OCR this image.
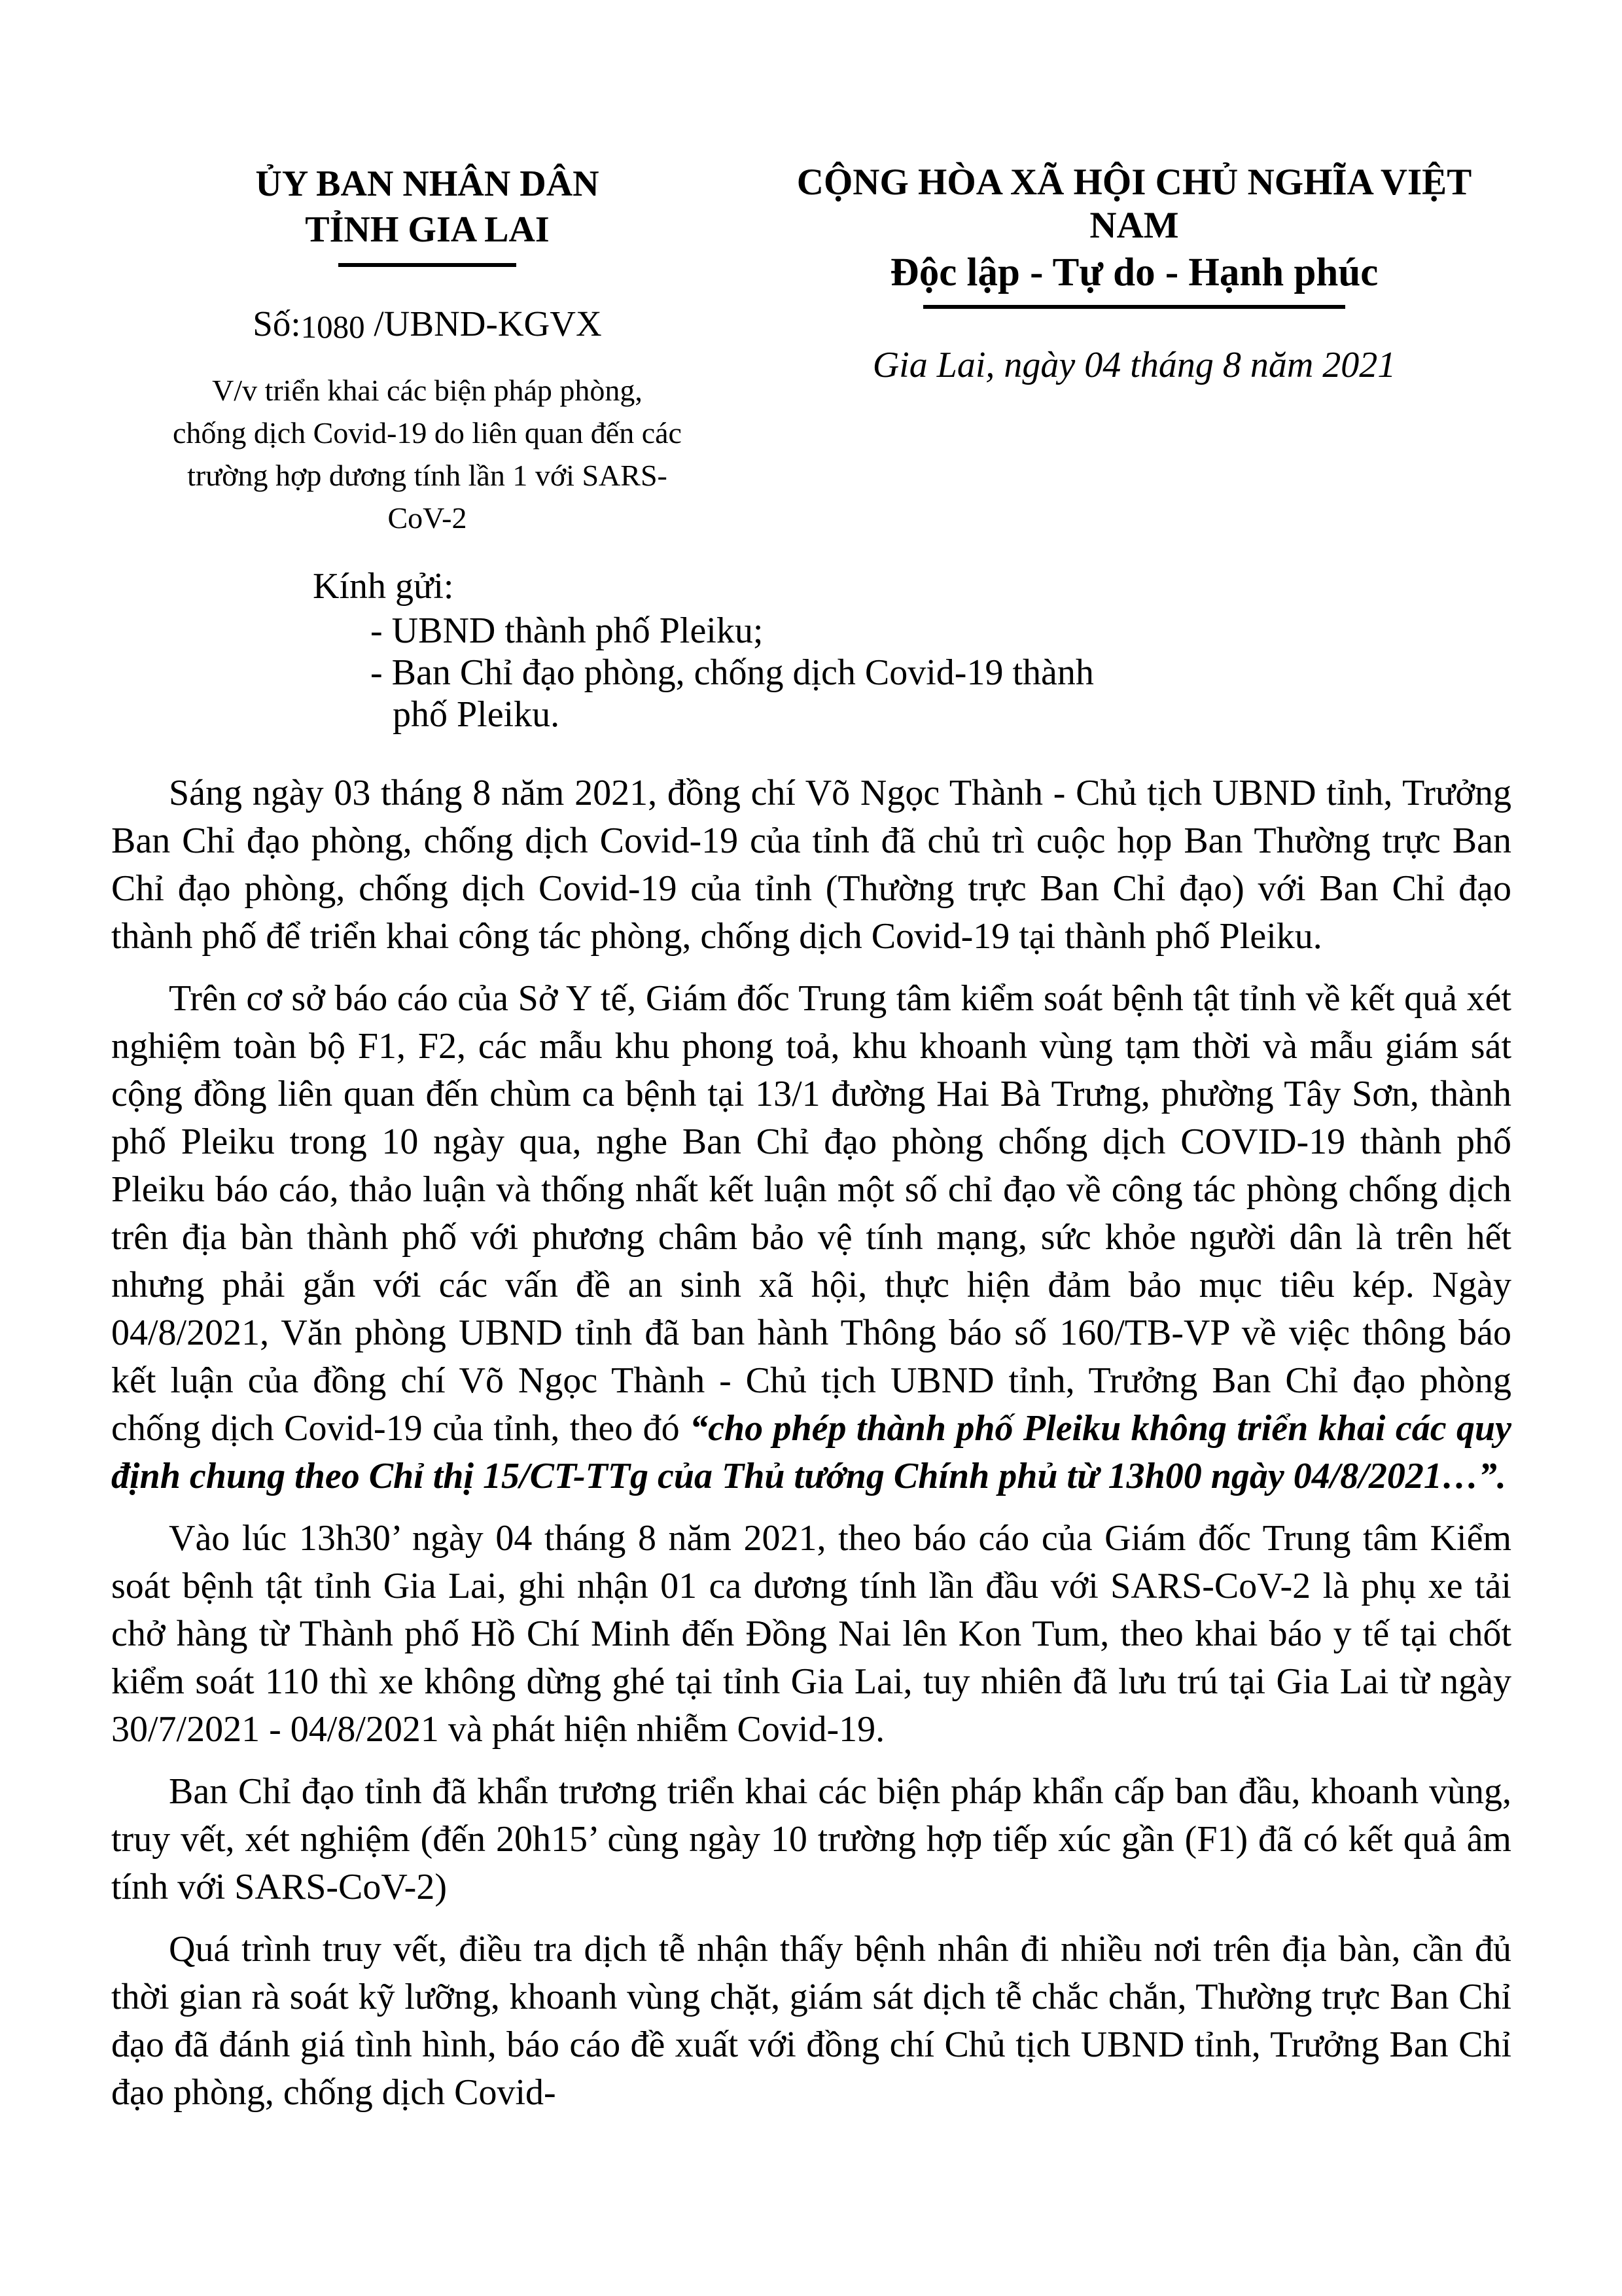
ỦY BAN NHÂN DÂN
TỈNH GIA LAI
Số:1080 /UBND-KGVX
V/v triển khai các biện pháp phòng, chống dịch Covid-19 do liên quan đến các trường hợp dương tính lần 1 với SARS-CoV-2
CỘNG HÒA XÃ HỘI CHỦ NGHĨA VIỆT NAM
Độc lập - Tự do - Hạnh phúc
Gia Lai, ngày 04 tháng 8 năm 2021
Kính gửi:
- UBND thành phố Pleiku;
- Ban Chỉ đạo phòng, chống dịch Covid-19 thành phố Pleiku.

Sáng ngày 03 tháng 8 năm 2021, đồng chí Võ Ngọc Thành - Chủ tịch UBND tỉnh, Trưởng Ban Chỉ đạo phòng, chống dịch Covid-19 của tỉnh đã chủ trì cuộc họp Ban Thường trực Ban Chỉ đạo phòng, chống dịch Covid-19 của tỉnh (Thường trực Ban Chỉ đạo) với Ban Chỉ đạo thành phố để triển khai công tác phòng, chống dịch Covid-19 tại thành phố Pleiku.

Trên cơ sở báo cáo của Sở Y tế, Giám đốc Trung tâm kiểm soát bệnh tật tỉnh về kết quả xét nghiệm toàn bộ F1, F2, các mẫu khu phong toả, khu khoanh vùng tạm thời và mẫu giám sát cộng đồng liên quan đến chùm ca bệnh tại 13/1 đường Hai Bà Trưng, phường Tây Sơn, thành phố Pleiku trong 10 ngày qua, nghe Ban Chỉ đạo phòng chống dịch COVID-19 thành phố Pleiku báo cáo, thảo luận và thống nhất kết luận một số chỉ đạo về công tác phòng chống dịch trên địa bàn thành phố với phương châm bảo vệ tính mạng, sức khỏe người dân là trên hết nhưng phải gắn với các vấn đề an sinh xã hội, thực hiện đảm bảo mục tiêu kép. Ngày 04/8/2021, Văn phòng UBND tỉnh đã ban hành Thông báo số 160/TB-VP về việc thông báo kết luận của đồng chí Võ Ngọc Thành - Chủ tịch UBND tỉnh, Trưởng Ban Chỉ đạo phòng chống dịch Covid-19 của tỉnh, theo đó “cho phép thành phố Pleiku không triển khai các quy định chung theo Chỉ thị 15/CT-TTg của Thủ tướng Chính phủ từ 13h00 ngày 04/8/2021…”.

Vào lúc 13h30’ ngày 04 tháng 8 năm 2021, theo báo cáo của Giám đốc Trung tâm Kiểm soát bệnh tật tỉnh Gia Lai, ghi nhận 01 ca dương tính lần đầu với SARS-CoV-2 là phụ xe tải chở hàng từ Thành phố Hồ Chí Minh đến Đồng Nai lên Kon Tum, theo khai báo y tế tại chốt kiểm soát 110 thì xe không dừng ghé tại tỉnh Gia Lai, tuy nhiên đã lưu trú tại Gia Lai từ ngày 30/7/2021 - 04/8/2021 và phát hiện nhiễm Covid-19.

Ban Chỉ đạo tỉnh đã khẩn trương triển khai các biện pháp khẩn cấp ban đầu, khoanh vùng, truy vết, xét nghiệm (đến 20h15’ cùng ngày 10 trường hợp tiếp xúc gần (F1) đã có kết quả âm tính với SARS-CoV-2)

Quá trình truy vết, điều tra dịch tễ nhận thấy bệnh nhân đi nhiều nơi trên địa bàn, cần đủ thời gian rà soát kỹ lưỡng, khoanh vùng chặt, giám sát dịch tễ chắc chắn, Thường trực Ban Chỉ đạo đã đánh giá tình hình, báo cáo đề xuất với đồng chí Chủ tịch UBND tỉnh, Trưởng Ban Chỉ đạo phòng, chống dịch Covid-
